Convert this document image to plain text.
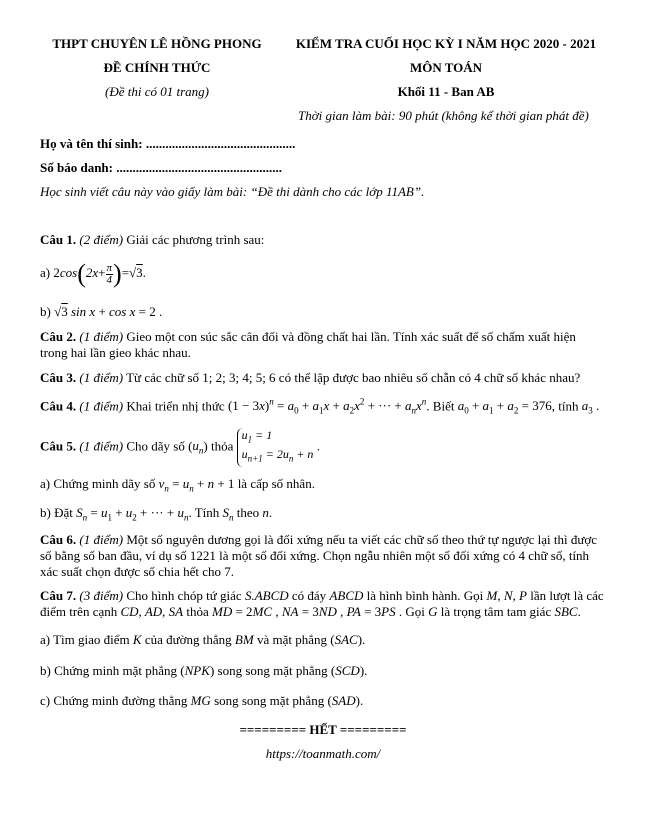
THPT CHUYÊN LÊ HỒNG PHONG
ĐỀ CHÍNH THỨC
(Đề thi có 01 trang)
KIỂM TRA CUỐI HỌC KỲ I NĂM HỌC 2020 - 2021
MÔN TOÁN
Khối 11 - Ban AB
Thời gian làm bài: 90 phút (không kể thời gian phát đề)
Họ và tên thí sinh: ..............................................
Số báo danh: ...................................................
Học sinh viết câu này vào giấy làm bài: “Đề thi dành cho các lớp 11AB”.
Câu 1. (2 điểm) Giải các phương trình sau:
a) $2\cos(2x+ \frac{\pi}{4} )=√3$.
b) √3 sin x + cos x = 2 .
Câu 2. (1 điểm) Gieo một con súc sắc cân đối và đồng chất hai lần. Tính xác suất để số chấm xuất hiện trong hai lần gieo khác nhau.
Câu 3. (1 điểm) Từ các chữ số 1; 2; 3; 4; 5; 6 có thể lập được bao nhiêu số chẵn có 4 chữ số khác nhau?
Câu 4. (1 điểm) Khai triển nhị thức $(1 - 3x)^n = a_0 + a_1x + a_2x^2$ + ··· + $a_nx^n$. Biết $a_0 + a_1 + a_2 = 376$, tính $a_3$ .
Câu 5. (1 điểm) Cho dãy số $(u_n)$ thỏa
$u_1 = 1$
$u_{n+1} = 2u_n + n$
.
a) Chứng minh dãy số $v_n = u_n + n + 1$ là cấp số nhân.
b) Đặt $S_n = u_1 + u_2$ + ··· + $u_n$. Tính $S_n$ theo n.
Câu 6. (1 điểm) Một số nguyên dương gọi là đối xứng nếu ta viết các chữ số theo thứ tự ngược lại thì được số bằng số ban đầu, ví dụ số 1221 là một số đối xứng. Chọn ngẫu nhiên một số đối xứng có 4 chữ số, tính xác suất chọn được số chia hết cho 7.
Câu 7. (3 điểm) Cho hình chóp tứ giác S.ABCD có đáy ABCD là hình bình hành. Gọi M, N, P lần lượt là các điểm trên cạnh CD, AD, SA thỏa MD = 2MC , NA = 3ND , PA = 3PS . Gọi G là trọng tâm tam giác SBC.
a) Tìm giao điểm K của đường thẳng BM và mặt phẳng (SAC).
b) Chứng minh mặt phẳng (NPK) song song mặt phẳng (SCD).
c) Chứng minh đường thẳng MG song song mặt phẳng (SAD).
========= HẾT =========
https://toanmath.com/
